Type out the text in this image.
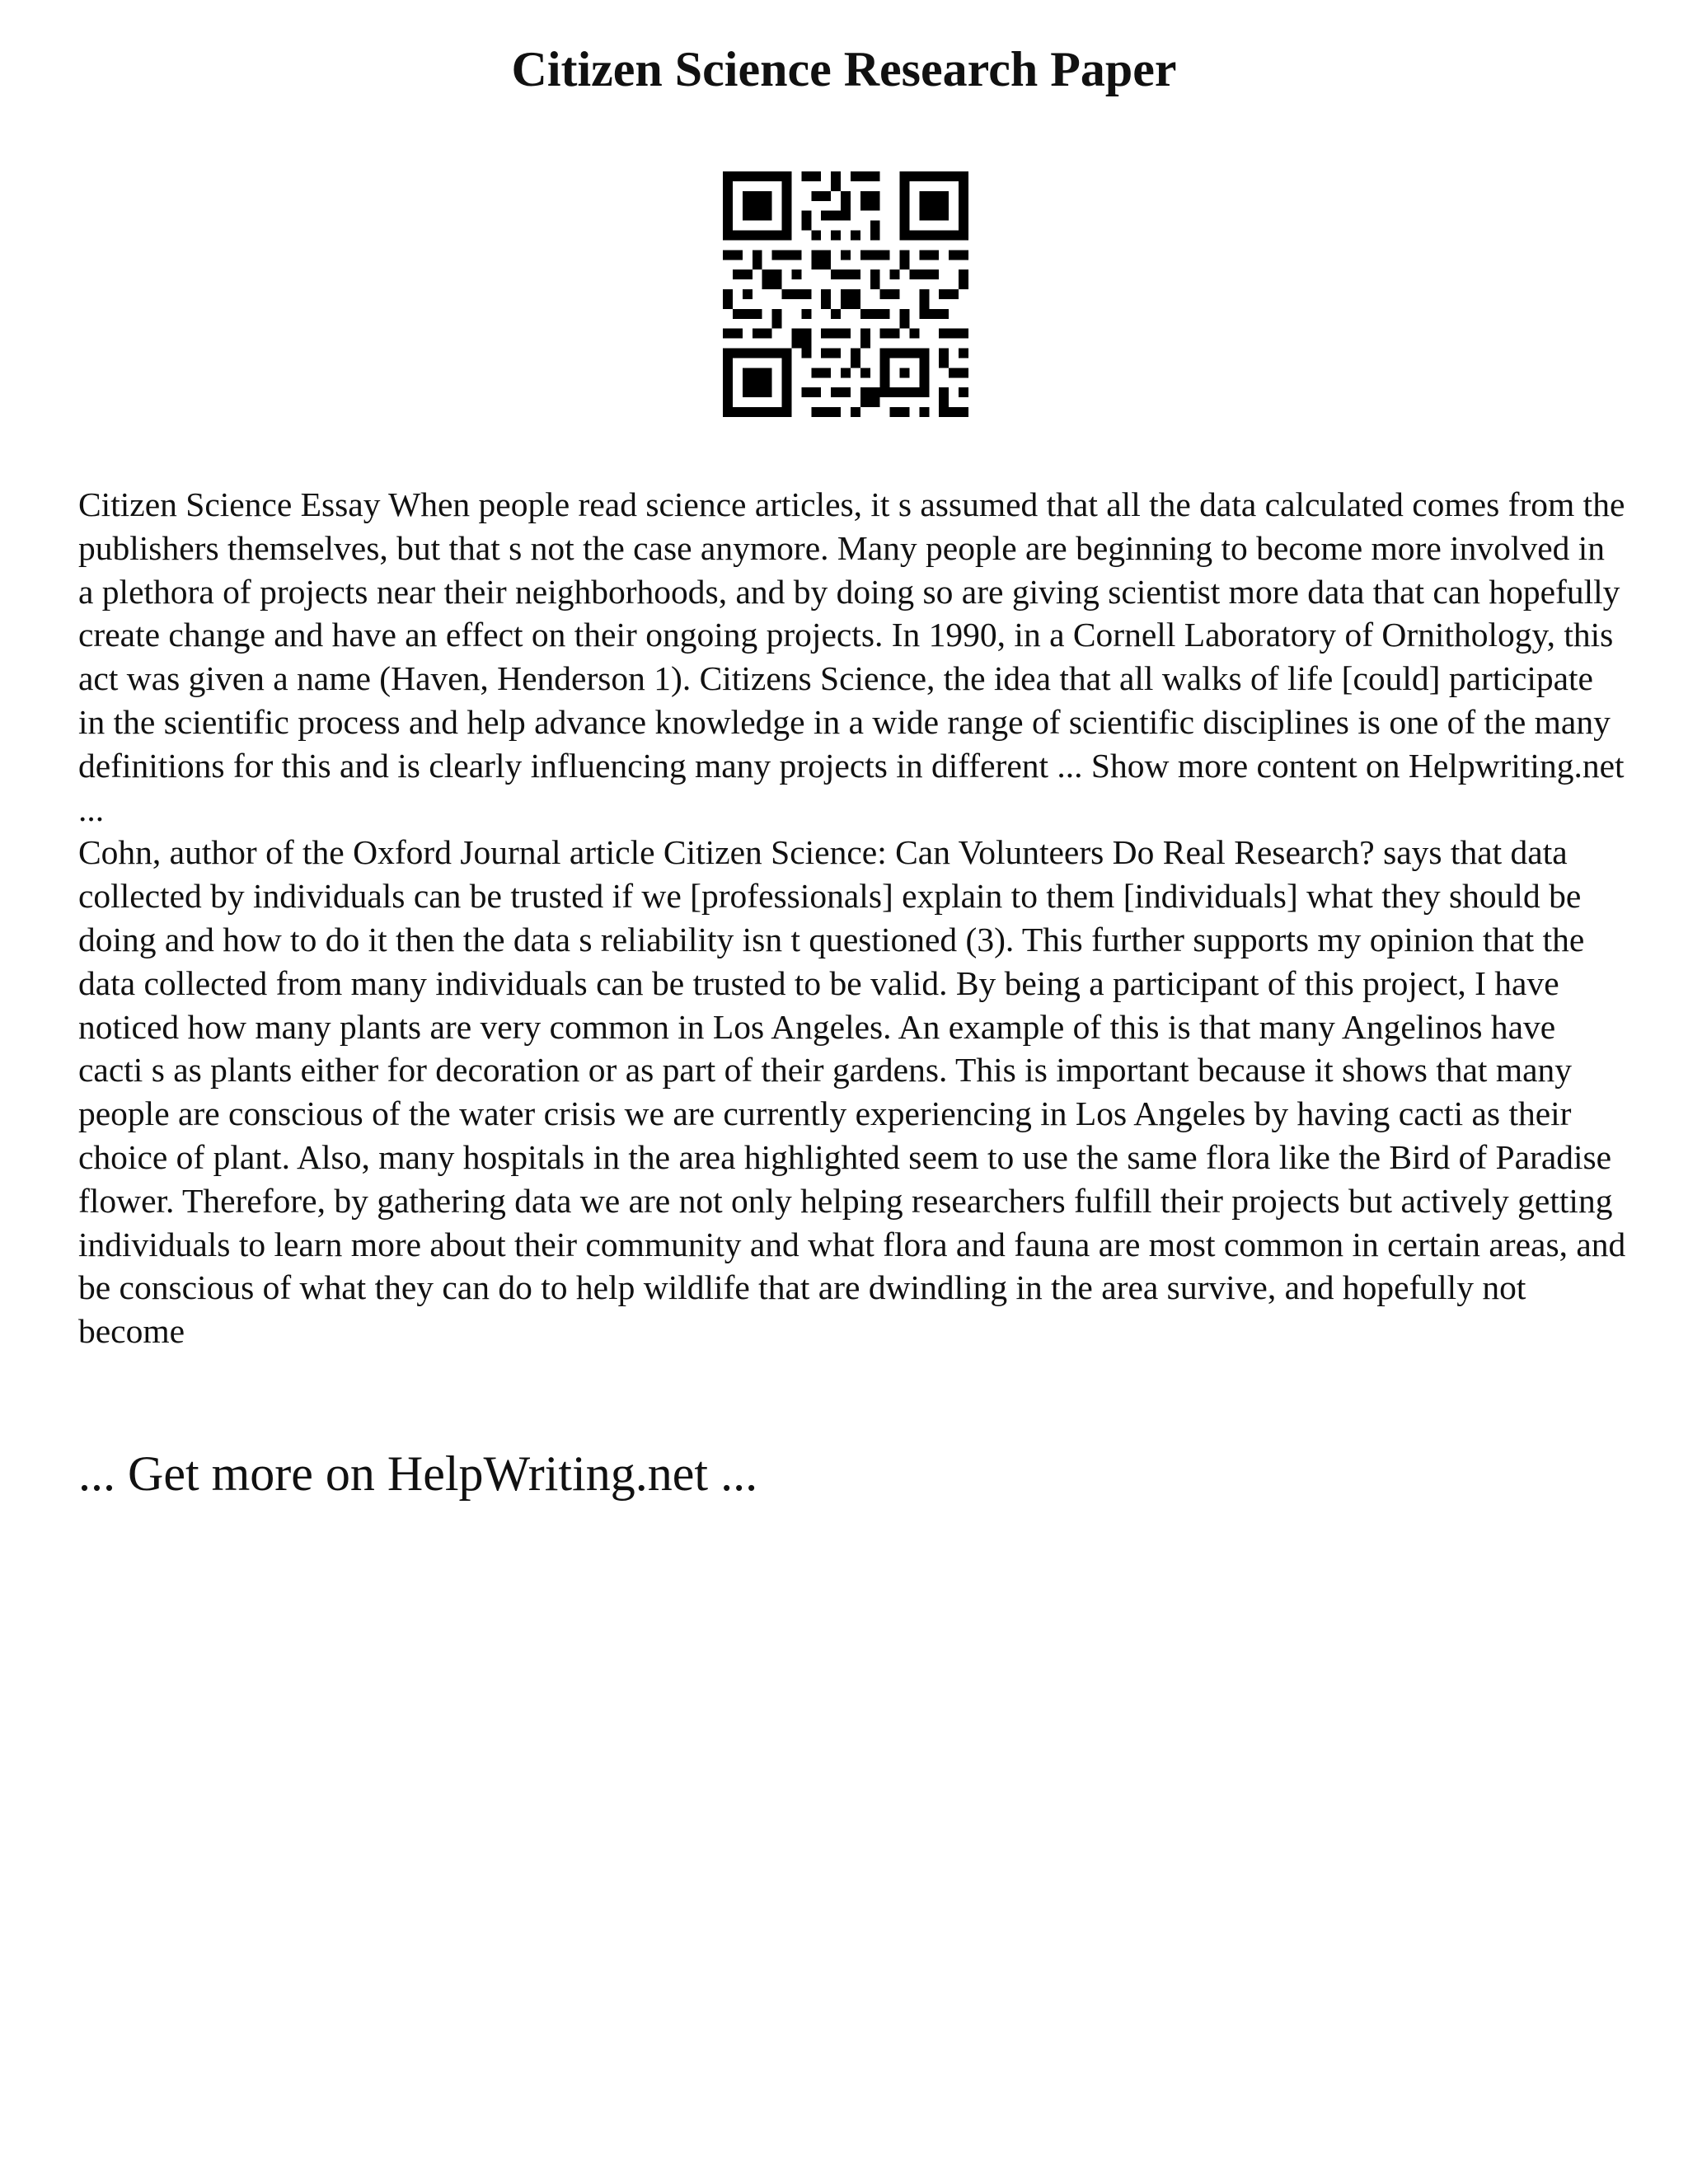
Citizen Science Research Paper

Citizen Science Essay When people read science articles, it s assumed that all the data calculated comes from the publishers themselves, but that s not the case anymore. Many people are beginning to become more involved in a plethora of projects near their neighborhoods, and by doing so are giving scientist more data that can hopefully create change and have an effect on their ongoing projects. In 1990, in a Cornell Laboratory of Ornithology, this act was given a name (Haven, Henderson 1). Citizens Science, the idea that all walks of life [could] participate in the scientific process and help advance knowledge in a wide range of scientific disciplines is one of the many definitions for this and is clearly influencing many projects in different ... Show more content on Helpwriting.net ...

Cohn, author of the Oxford Journal article Citizen Science: Can Volunteers Do Real Research? says that data collected by individuals can be trusted if we [professionals] explain to them [individuals] what they should be doing and how to do it then the data s reliability isn t questioned (3). This further supports my opinion that the data collected from many individuals can be trusted to be valid. By being a participant of this project, I have noticed how many plants are very common in Los Angeles. An example of this is that many Angelinos have cacti s as plants either for decoration or as part of their gardens. This is important because it shows that many people are conscious of the water crisis we are currently experiencing in Los Angeles by having cacti as their choice of plant. Also, many hospitals in the area highlighted seem to use the same flora like the Bird of Paradise flower. Therefore, by gathering data we are not only helping researchers fulfill their projects but actively getting individuals to learn more about their community and what flora and fauna are most common in certain areas, and be conscious of what they can do to help wildlife that are dwindling in the area survive, and hopefully not become

... Get more on HelpWriting.net ...
